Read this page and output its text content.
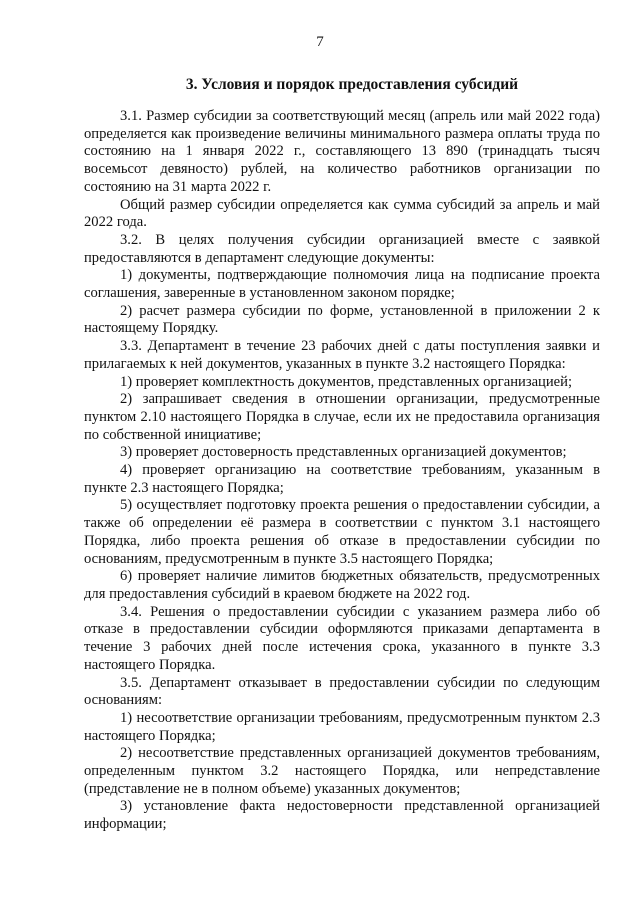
7
3. Условия и порядок предоставления субсидий

3.1. Размер субсидии за соответствующий месяц (апрель или май 2022 года) определяется как произведение величины минимального размера оплаты труда по состоянию на 1 января 2022 г., составляющего 13 890 (тринадцать тысяч восемьсот девяносто) рублей, на количество работников организации по состоянию на 31 марта 2022 г.

Общий размер субсидии определяется как сумма субсидий за апрель и май 2022 года.

3.2. В целях получения субсидии организацией вместе с заявкой предоставляются в департамент следующие документы:

1) документы, подтверждающие полномочия лица на подписание проекта соглашения, заверенные в установленном законом порядке;

2) расчет размера субсидии по форме, установленной в приложении 2 к настоящему Порядку.

3.3. Департамент в течение 23 рабочих дней с даты поступления заявки и прилагаемых к ней документов, указанных в пункте 3.2 настоящего Порядка:

1) проверяет комплектность документов, представленных организацией;

2) запрашивает сведения в отношении организации, предусмотренные пунктом 2.10 настоящего Порядка в случае, если их не предоставила организация по собственной инициативе;

3) проверяет достоверность представленных организацией документов;

4) проверяет организацию на соответствие требованиям, указанным в пункте 2.3 настоящего Порядка;

5) осуществляет подготовку проекта решения о предоставлении субсидии, а также об определении её размера в соответствии с пунктом 3.1 настоящего Порядка, либо проекта решения об отказе в предоставлении субсидии по основаниям, предусмотренным в пункте 3.5 настоящего Порядка;

6) проверяет наличие лимитов бюджетных обязательств, предусмотренных для предоставления субсидий в краевом бюджете на 2022 год.

3.4. Решения о предоставлении субсидии с указанием размера либо об отказе в предоставлении субсидии оформляются приказами департамента в течение 3 рабочих дней после истечения срока, указанного в пункте 3.3 настоящего Порядка.

3.5. Департамент отказывает в предоставлении субсидии по следующим основаниям:

1) несоответствие организации требованиям, предусмотренным пунктом 2.3 настоящего Порядка;

2) несоответствие представленных организацией документов требованиям, определенным пунктом 3.2 настоящего Порядка, или непредставление (представление не в полном объеме) указанных документов;

3) установление факта недостоверности представленной организацией информации;
